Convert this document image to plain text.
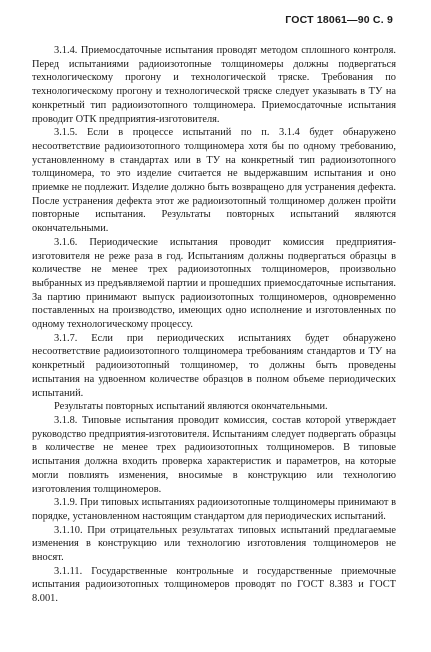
ГОСТ 18061—90 С. 9

3.1.4. Приемосдаточные испытания проводят методом сплошного контроля. Перед испытаниями радиоизотопные толщиномеры должны подвергаться технологическому прогону и технологической тряске. Требования по технологическому прогону и технологической тряске следует указывать в ТУ на конкретный тип радиоизотопного толщиномера. Приемосдаточные испытания проводит ОТК предприятия-изготовителя.

3.1.5. Если в процессе испытаний по п. 3.1.4 будет обнаружено несоответствие радиоизотопного толщиномера хотя бы по одному требованию, установленному в стандартах или в ТУ на конкретный тип радиоизотопного толщиномера, то это изделие считается не выдержавшим испытания и оно приемке не подлежит. Изделие должно быть возвращено для устранения дефекта. После устранения дефекта этот же радиоизотопный толщиномер должен пройти повторные испытания. Результаты повторных испытаний являются окончательными.

3.1.6. Периодические испытания проводит комиссия предприятия-изготовителя не реже раза в год. Испытаниям должны подвергаться образцы в количестве не менее трех радиоизотопных толщиномеров, произвольно выбранных из предъявляемой партии и прошедших приемосдаточные испытания. За партию принимают выпуск радиоизотопных толщиномеров, одновременно поставленных на производство, имеющих одно исполнение и изготовленных по одному технологическому процессу.

3.1.7. Если при периодических испытаниях будет обнаружено несоответствие радиоизотопного толщиномера требованиям стандартов и ТУ на конкретный радиоизотопный толщиномер, то должны быть проведены испытания на удвоенном количестве образцов в полном объеме периодических испытаний.

Результаты повторных испытаний являются окончательными.

3.1.8. Типовые испытания проводит комиссия, состав которой утверждает руководство предприятия-изготовителя. Испытаниям следует подвергать образцы в количестве не менее трех радиоизотопных толщиномеров. В типовые испытания должна входить проверка характеристик и параметров, на которые могли повлиять изменения, вносимые в конструкцию или технологию изготовления толщиномеров.

3.1.9. При типовых испытаниях радиоизотопные толщиномеры принимают в порядке, установленном настоящим стандартом для периодических испытаний.

3.1.10. При отрицательных результатах типовых испытаний предлагаемые изменения в конструкцию или технологию изготовления толщиномеров не вносят.

3.1.11. Государственные контрольные и государственные приемочные испытания радиоизотопных толщиномеров проводят по ГОСТ 8.383 и ГОСТ 8.001.
